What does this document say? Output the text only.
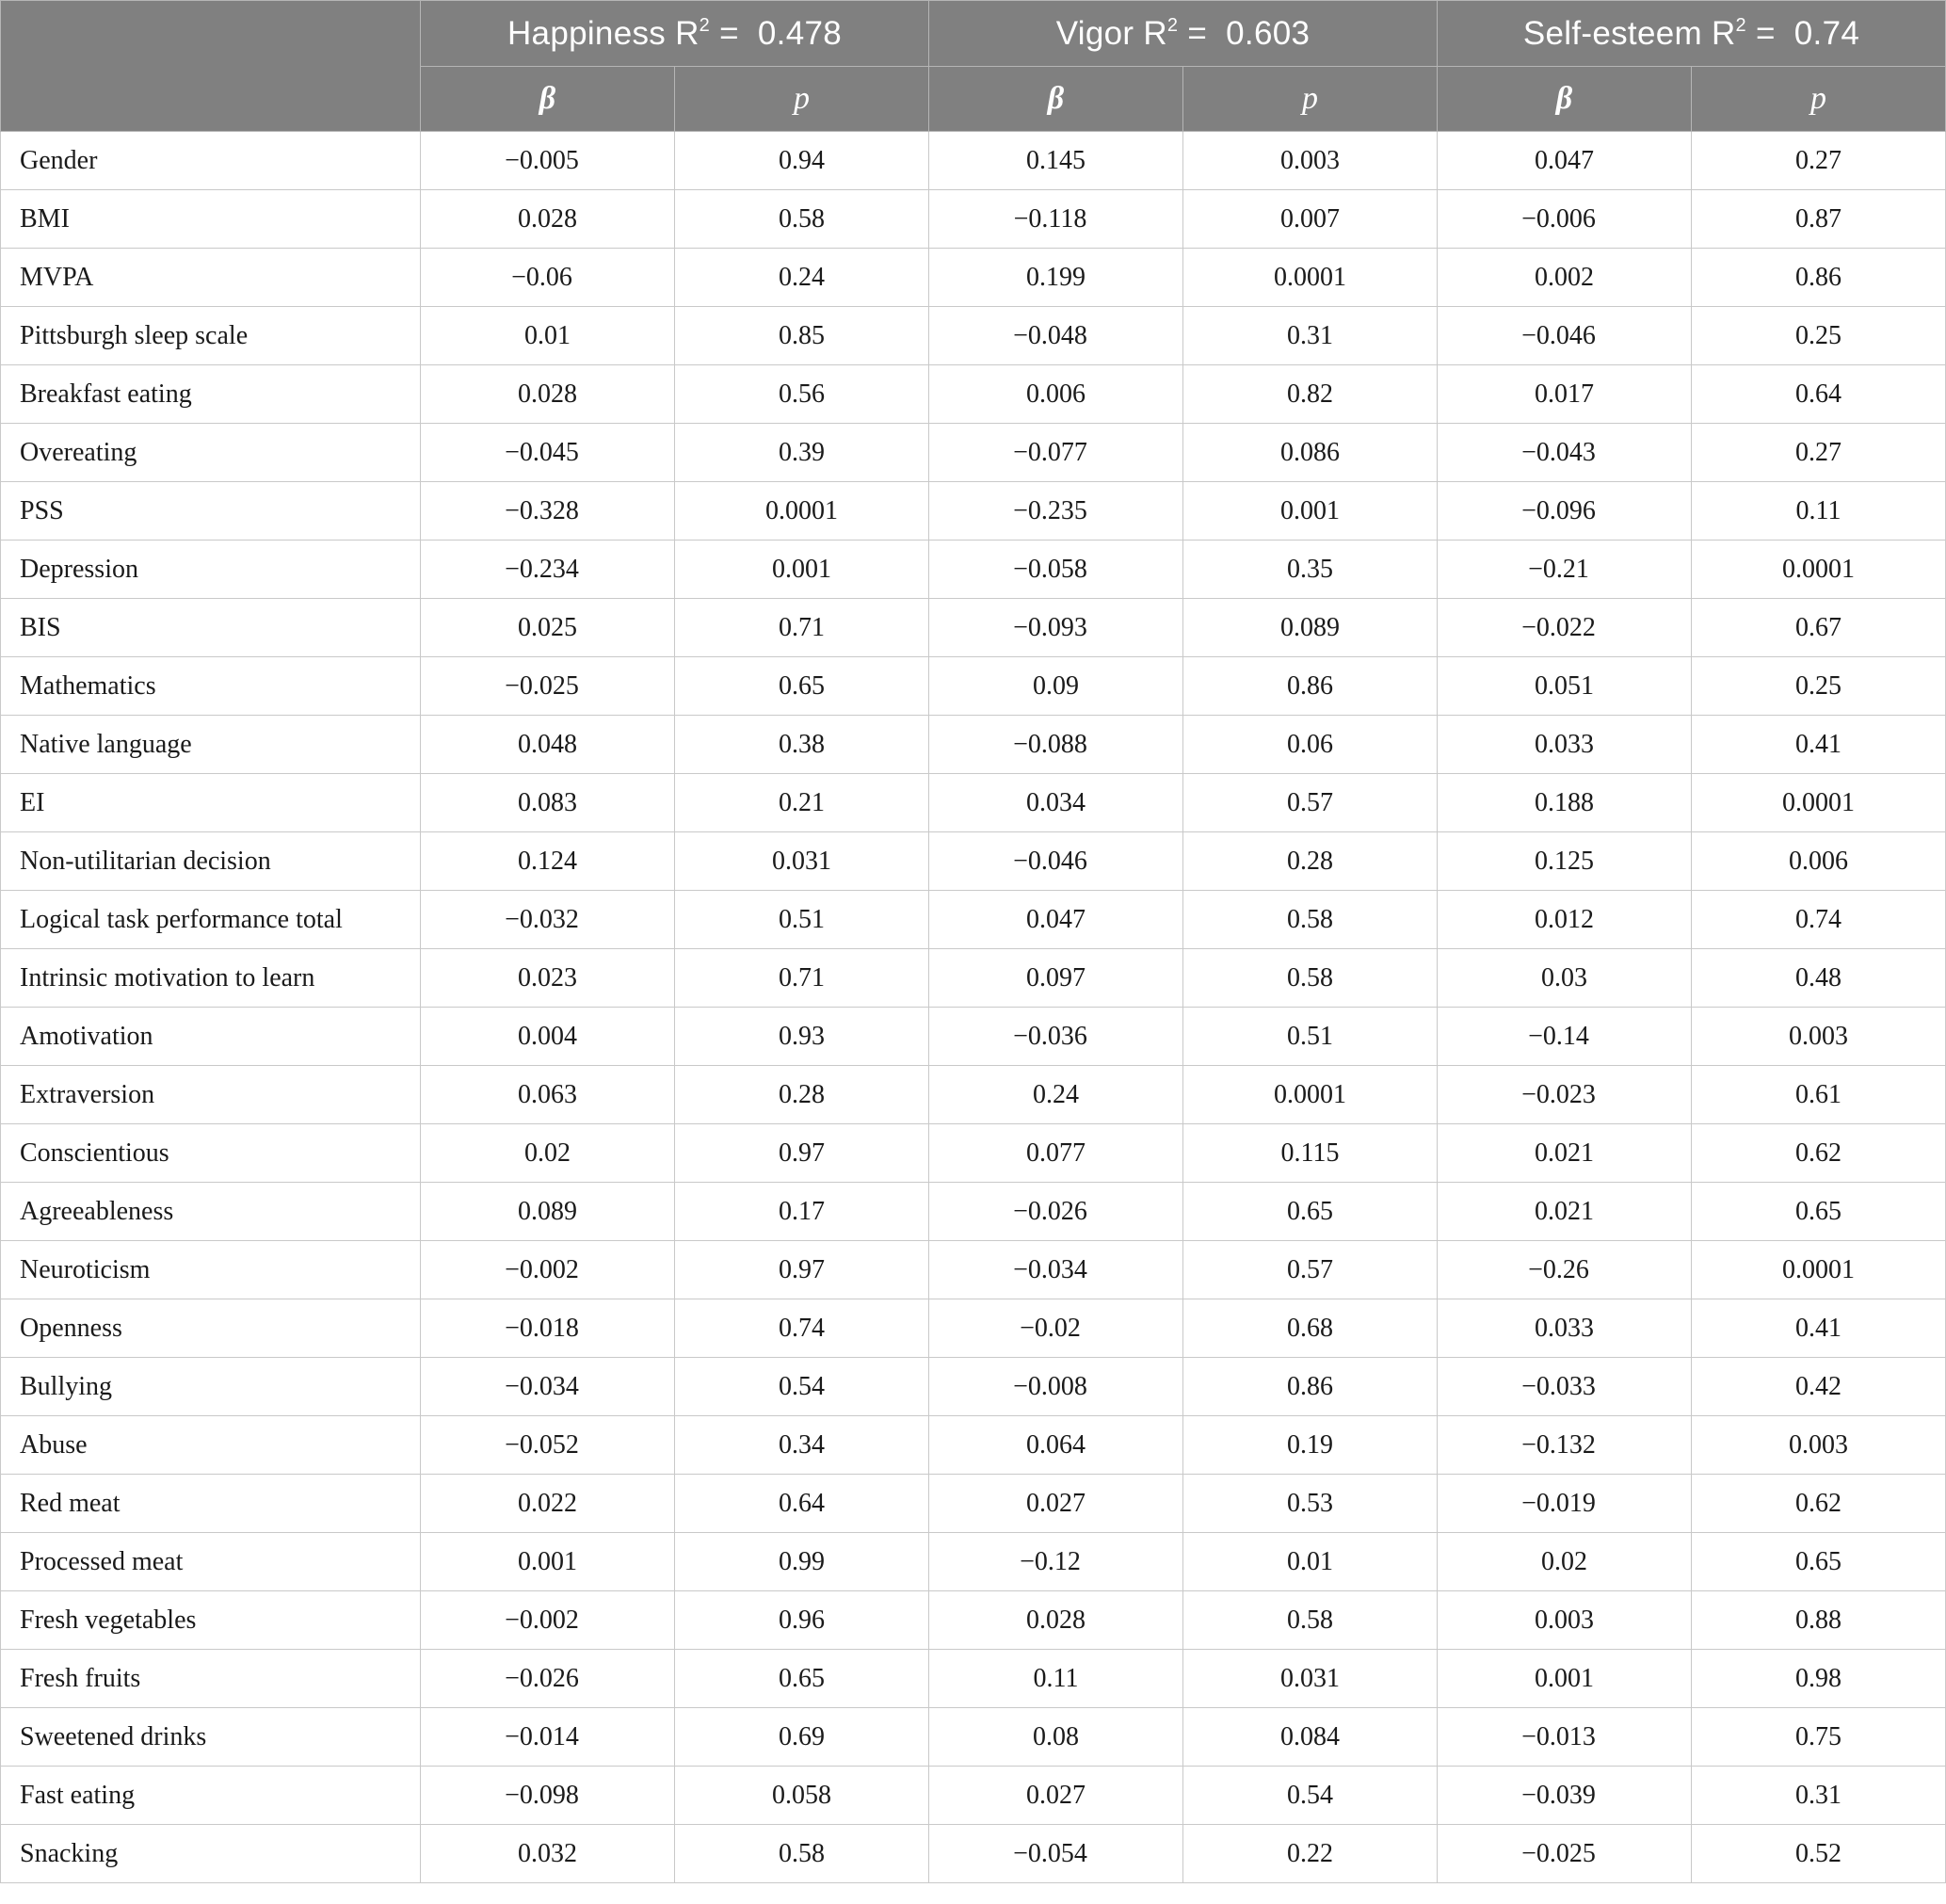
	Happiness $R^2 = 0.478$		Vigor $R^2 = 0.603$		Self-esteem $R^2 = 0.74$	
	β	p	β	p	β	p
Gender	−0.005	0.94	0.145	0.003	0.047	0.27
BMI	0.028	0.58	−0.118	0.007	−0.006	0.87
MVPA	−0.06	0.24	0.199	0.0001	0.002	0.86
Pittsburgh sleep scale	0.01	0.85	−0.048	0.31	−0.046	0.25
Breakfast eating	0.028	0.56	0.006	0.82	0.017	0.64
Overeating	−0.045	0.39	−0.077	0.086	−0.043	0.27
PSS	−0.328	0.0001	−0.235	0.001	−0.096	0.11
Depression	−0.234	0.001	−0.058	0.35	−0.21	0.0001
BIS	0.025	0.71	−0.093	0.089	−0.022	0.67
Mathematics	−0.025	0.65	0.09	0.86	0.051	0.25
Native language	0.048	0.38	−0.088	0.06	0.033	0.41
EI	0.083	0.21	0.034	0.57	0.188	0.0001
Non-utilitarian decision	0.124	0.031	−0.046	0.28	0.125	0.006
Logical task performance total	−0.032	0.51	0.047	0.58	0.012	0.74
Intrinsic motivation to learn	0.023	0.71	0.097	0.58	0.03	0.48
Amotivation	0.004	0.93	−0.036	0.51	−0.14	0.003
Extraversion	0.063	0.28	0.24	0.0001	−0.023	0.61
Conscientious	0.02	0.97	0.077	0.115	0.021	0.62
Agreeableness	0.089	0.17	−0.026	0.65	0.021	0.65
Neuroticism	−0.002	0.97	−0.034	0.57	−0.26	0.0001
Openness	−0.018	0.74	−0.02	0.68	0.033	0.41
Bullying	−0.034	0.54	−0.008	0.86	−0.033	0.42
Abuse	−0.052	0.34	0.064	0.19	−0.132	0.003
Red meat	0.022	0.64	0.027	0.53	−0.019	0.62
Processed meat	0.001	0.99	−0.12	0.01	0.02	0.65
Fresh vegetables	−0.002	0.96	0.028	0.58	0.003	0.88
Fresh fruits	−0.026	0.65	0.11	0.031	0.001	0.98
Sweetened drinks	−0.014	0.69	0.08	0.084	−0.013	0.75
Fast eating	−0.098	0.058	0.027	0.54	−0.039	0.31
Snacking	0.032	0.58	−0.054	0.22	−0.025	0.52
